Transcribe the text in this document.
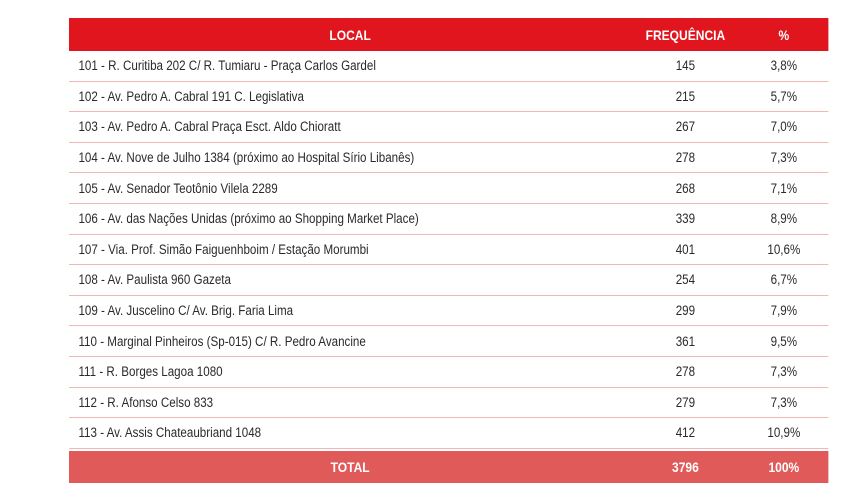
LOCAL	FREQUÊNCIA	%
101 - R. Curitiba 202 C/ R. Tumiaru - Praça Carlos Gardel	145	3,8%
102 - Av. Pedro A. Cabral 191 C. Legislativa	215	5,7%
103 - Av. Pedro A. Cabral Praça Esct. Aldo Chioratt	267	7,0%
104 - Av. Nove de Julho 1384 (próximo ao Hospital Sírio Libanês)	278	7,3%
105 - Av. Senador Teotônio Vilela 2289	268	7,1%
106 - Av. das Nações Unidas (próximo ao Shopping Market Place)	339	8,9%
107 - Via. Prof. Simão Faiguenhboim / Estação Morumbi	401	10,6%
108 - Av. Paulista 960 Gazeta	254	6,7%
109 - Av. Juscelino C/ Av. Brig. Faria Lima	299	7,9%
110 - Marginal Pinheiros (Sp-015) C/ R. Pedro Avancine	361	9,5%
111 - R. Borges Lagoa 1080	278	7,3%
112 - R. Afonso Celso 833	279	7,3%
113 - Av. Assis Chateaubriand 1048	412	10,9%
TOTAL	3796	100%
